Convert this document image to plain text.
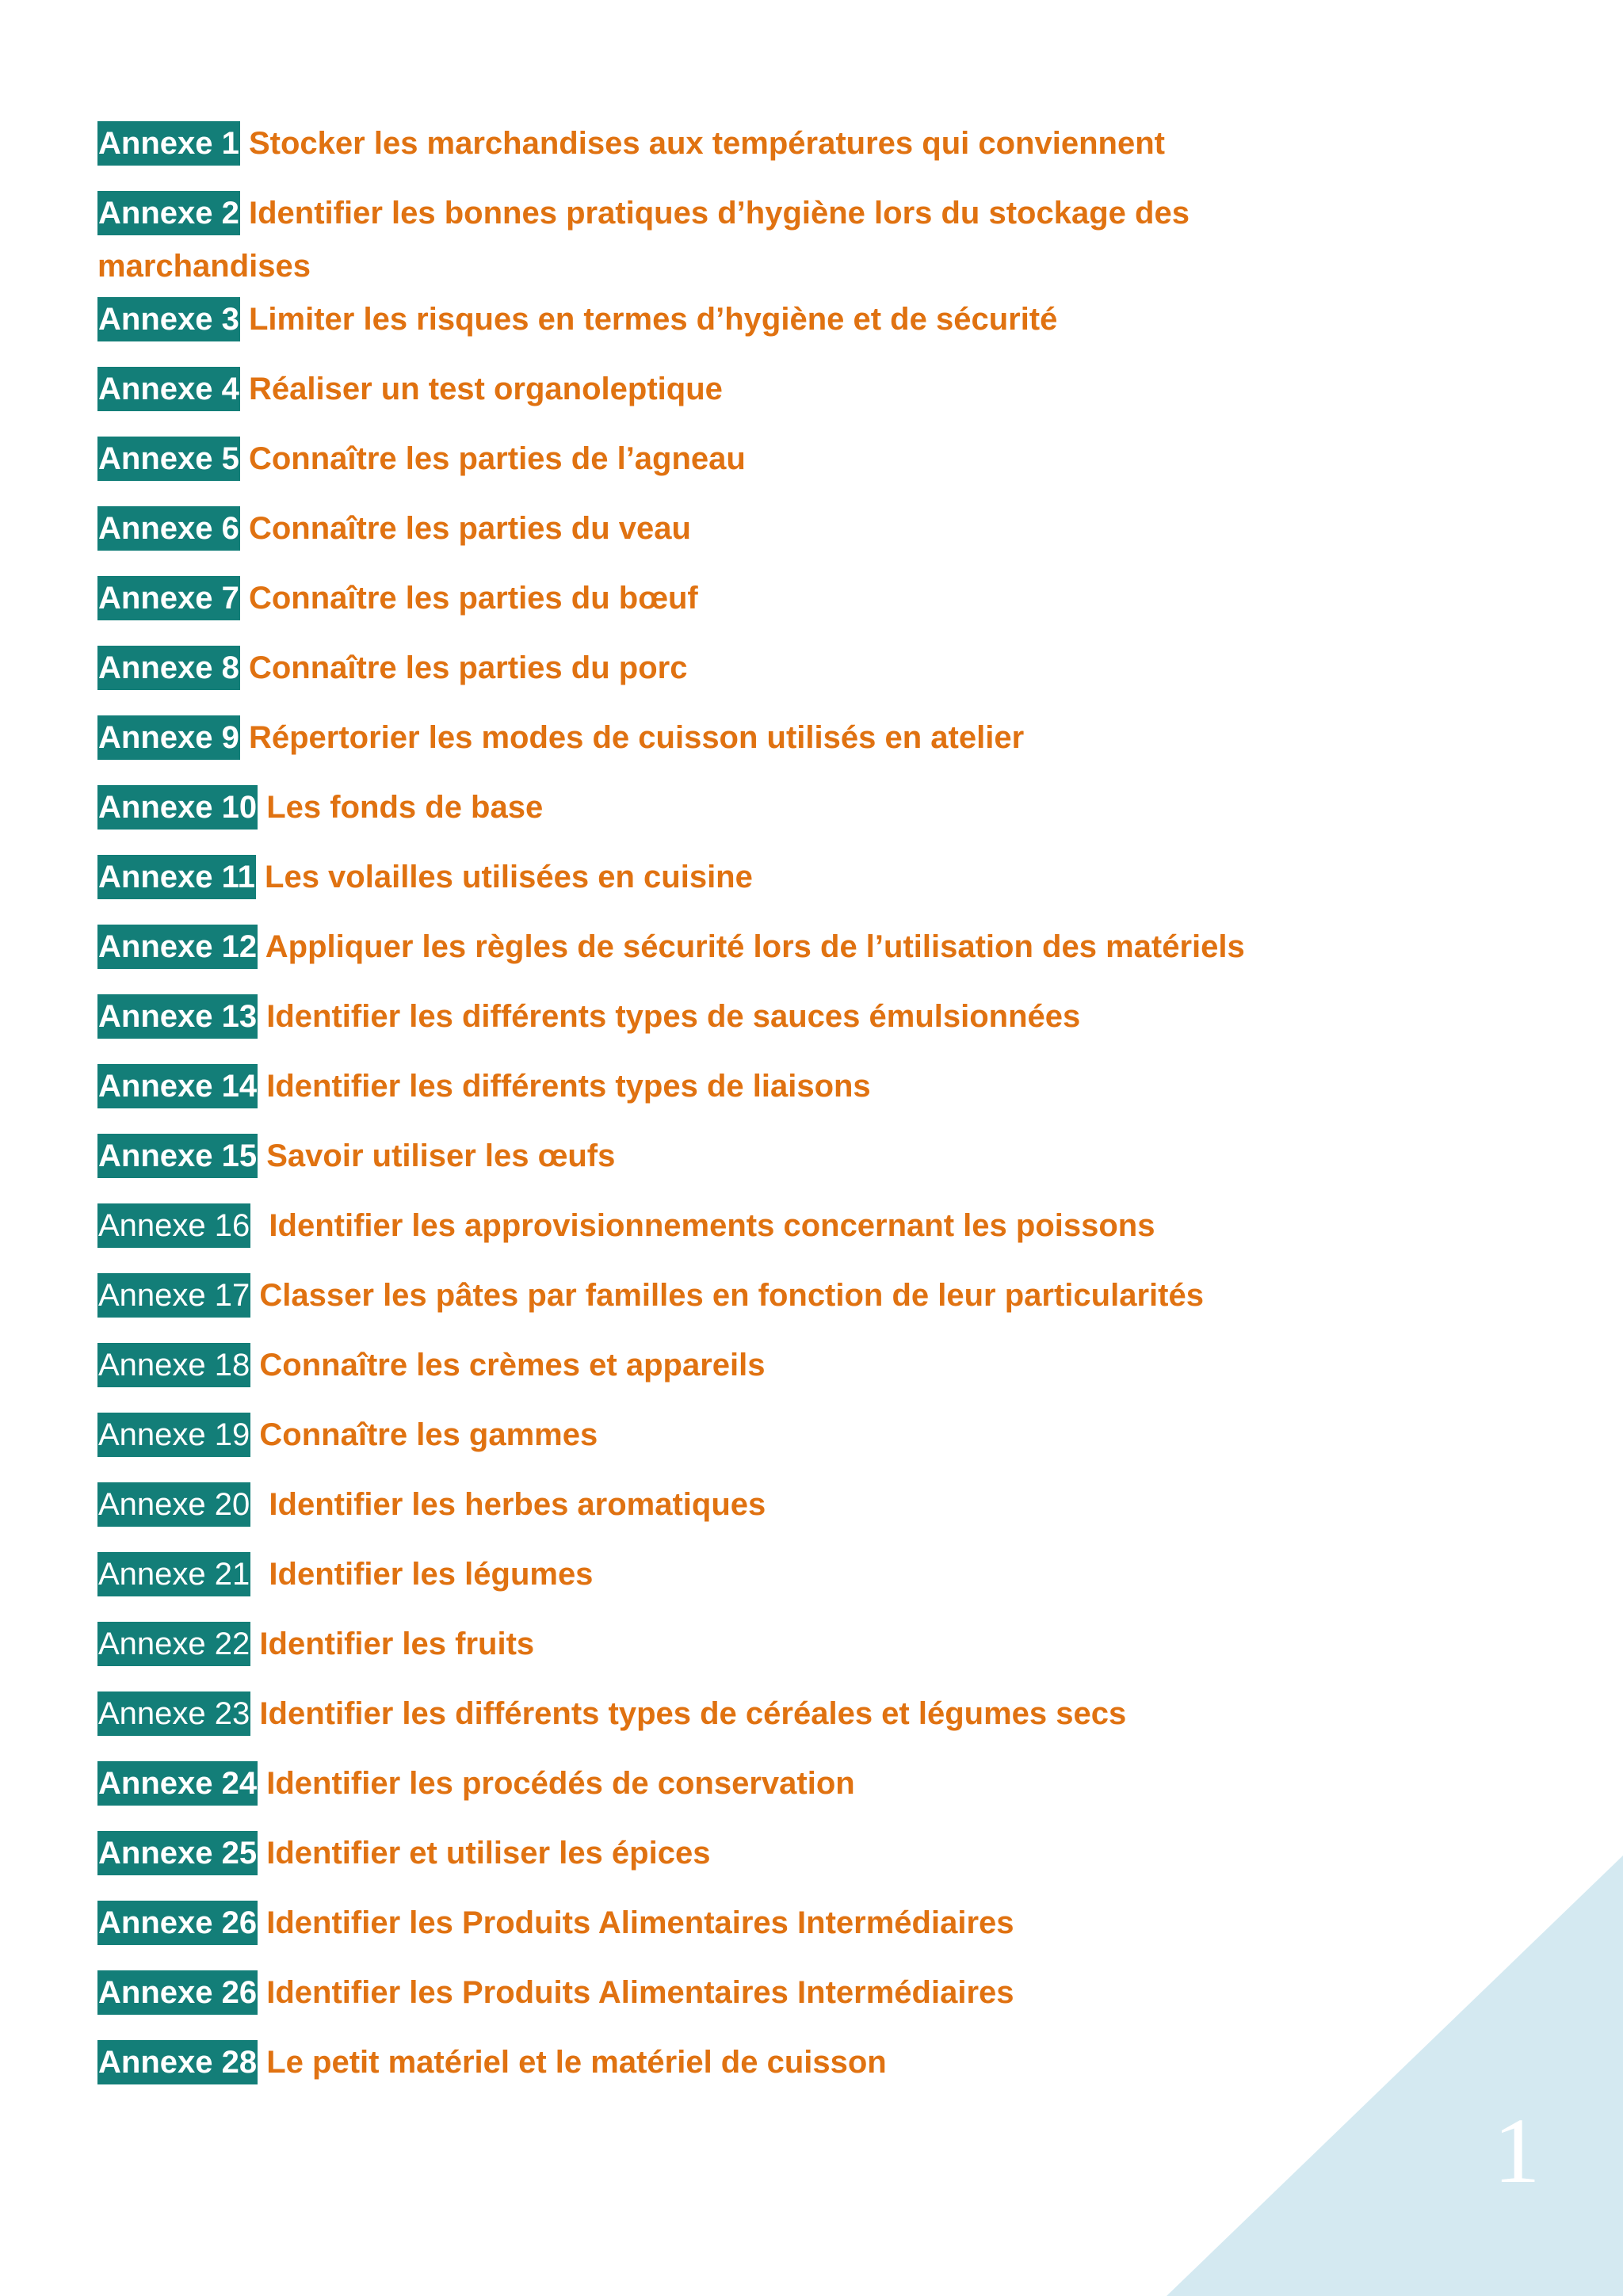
Annexe 1 Stocker les marchandises aux températures qui conviennent
Annexe 2 Identifier les bonnes pratiques d’hygiène lors du stockage des marchandises
Annexe 3 Limiter les risques en termes d’hygiène et de sécurité
Annexe 4 Réaliser un test organoleptique
Annexe 5 Connaître les parties de l’agneau
Annexe 6 Connaître les parties du veau
Annexe 7 Connaître les parties du bœuf
Annexe 8 Connaître les parties du porc
Annexe 9 Répertorier les modes de cuisson utilisés en atelier
Annexe 10 Les fonds de base
Annexe 11 Les volailles utilisées en cuisine
Annexe 12 Appliquer les règles de sécurité lors de l’utilisation des matériels
Annexe 13 Identifier les différents types de sauces émulsionnées
Annexe 14 Identifier les différents types de liaisons
Annexe 15 Savoir utiliser les œufs
Annexe 16 Identifier les approvisionnements concernant les poissons
Annexe 17 Classer les pâtes par familles en fonction de leur particularités
Annexe 18 Connaître les crèmes et appareils
Annexe 19 Connaître les gammes
Annexe 20 Identifier les herbes aromatiques
Annexe 21 Identifier les légumes
Annexe 22 Identifier les fruits
Annexe 23 Identifier les différents types de céréales et légumes secs
Annexe 24 Identifier les procédés de conservation
Annexe 25 Identifier et utiliser les épices
Annexe 26 Identifier les Produits Alimentaires Intermédiaires
Annexe 26 Identifier les Produits Alimentaires Intermédiaires
Annexe 28 Le petit matériel et le matériel de cuisson
1
